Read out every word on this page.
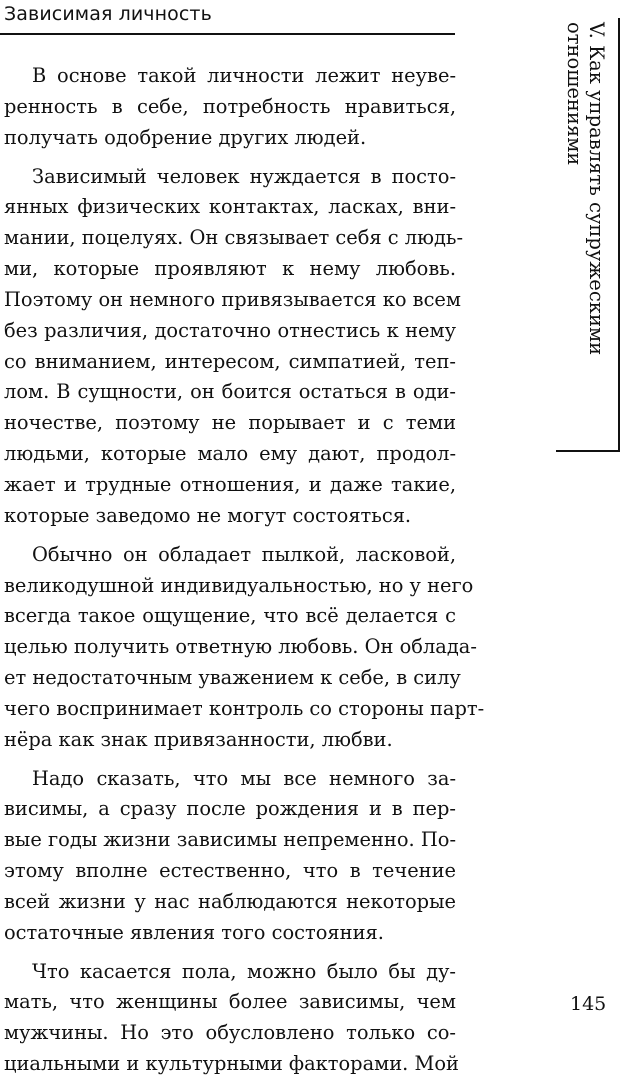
Зависимая личность
V. Как управлять супружескими
отношениями
В основе такой личности лежит неуве-
ренность в себе, потребность нравиться,
получать одобрение других людей.
Зависимый человек нуждается в посто-
янных физических контактах, ласках, вни-
мании, поцелуях. Он связывает себя с людь-
ми, которые проявляют к нему любовь.
Поэтому он немного привязывается ко всем
без различия, достаточно отнестись к нему
со вниманием, интересом, симпатией, теп-
лом. В сущности, он боится остаться в оди-
ночестве, поэтому не порывает и с теми
людьми, которые мало ему дают, продол-
жает и трудные отношения, и даже такие,
которые заведомо не могут состояться.
Обычно он обладает пылкой, ласковой,
великодушной индивидуальностью, но у него
всегда такое ощущение, что всё делается с
целью получить ответную любовь. Он облада-
ет недостаточным уважением к себе, в силу
чего воспринимает контроль со стороны парт-
нёра как знак привязанности, любви.
Надо сказать, что мы все немного за-
висимы, а сразу после рождения и в пер-
вые годы жизни зависимы непременно. По-
этому вполне естественно, что в течение
всей жизни у нас наблюдаются некоторые
остаточные явления того состояния.
Что касается пола, можно было бы ду-
мать, что женщины более зависимы, чем
мужчины. Но это обусловлено только со-
циальными и культурными факторами. Мой
145
